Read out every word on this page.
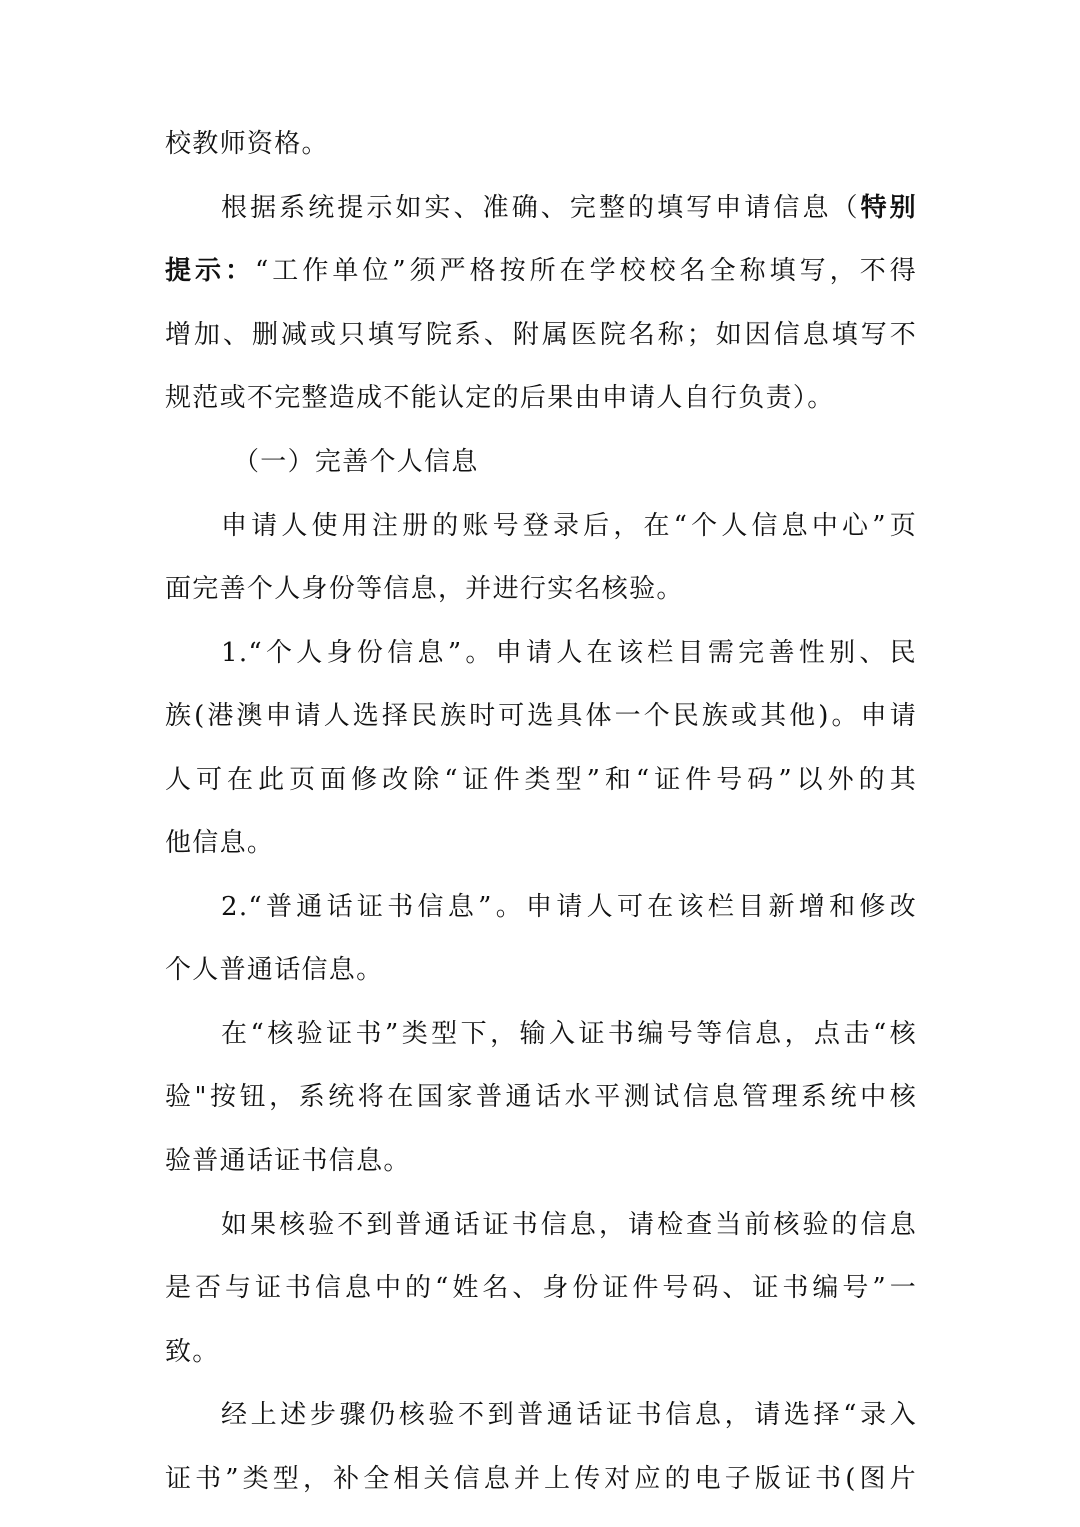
校教师资格。
根据系统提示如实、准确、完整的填写申请信息（特别
提示：“工作单位”须严格按所在学校校名全称填写，不得
增加、删减或只填写院系、附属医院名称；如因信息填写不
规范或不完整造成不能认定的后果由申请人自行负责）。
（一）完善个人信息
申请人使用注册的账号登录后，在“个人信息中心”页
面完善个人身份等信息，并进行实名核验。
1.“个人身份信息”。申请人在该栏目需完善性别、民
族(港澳申请人选择民族时可选具体一个民族或其他)。申请
人可在此页面修改除“证件类型”和“证件号码”以外的其
他信息。
2.“普通话证书信息”。申请人可在该栏目新增和修改
个人普通话信息。
在“核验证书”类型下，输入证书编号等信息，点击“核
验"按钮，系统将在国家普通话水平测试信息管理系统中核
验普通话证书信息。
如果核验不到普通话证书信息，请检查当前核验的信息
是否与证书信息中的“姓名、身份证件号码、证书编号”一
致。
经上述步骤仍核验不到普通话证书信息，请选择“录入
证书”类型，补全相关信息并上传对应的电子版证书(图片
